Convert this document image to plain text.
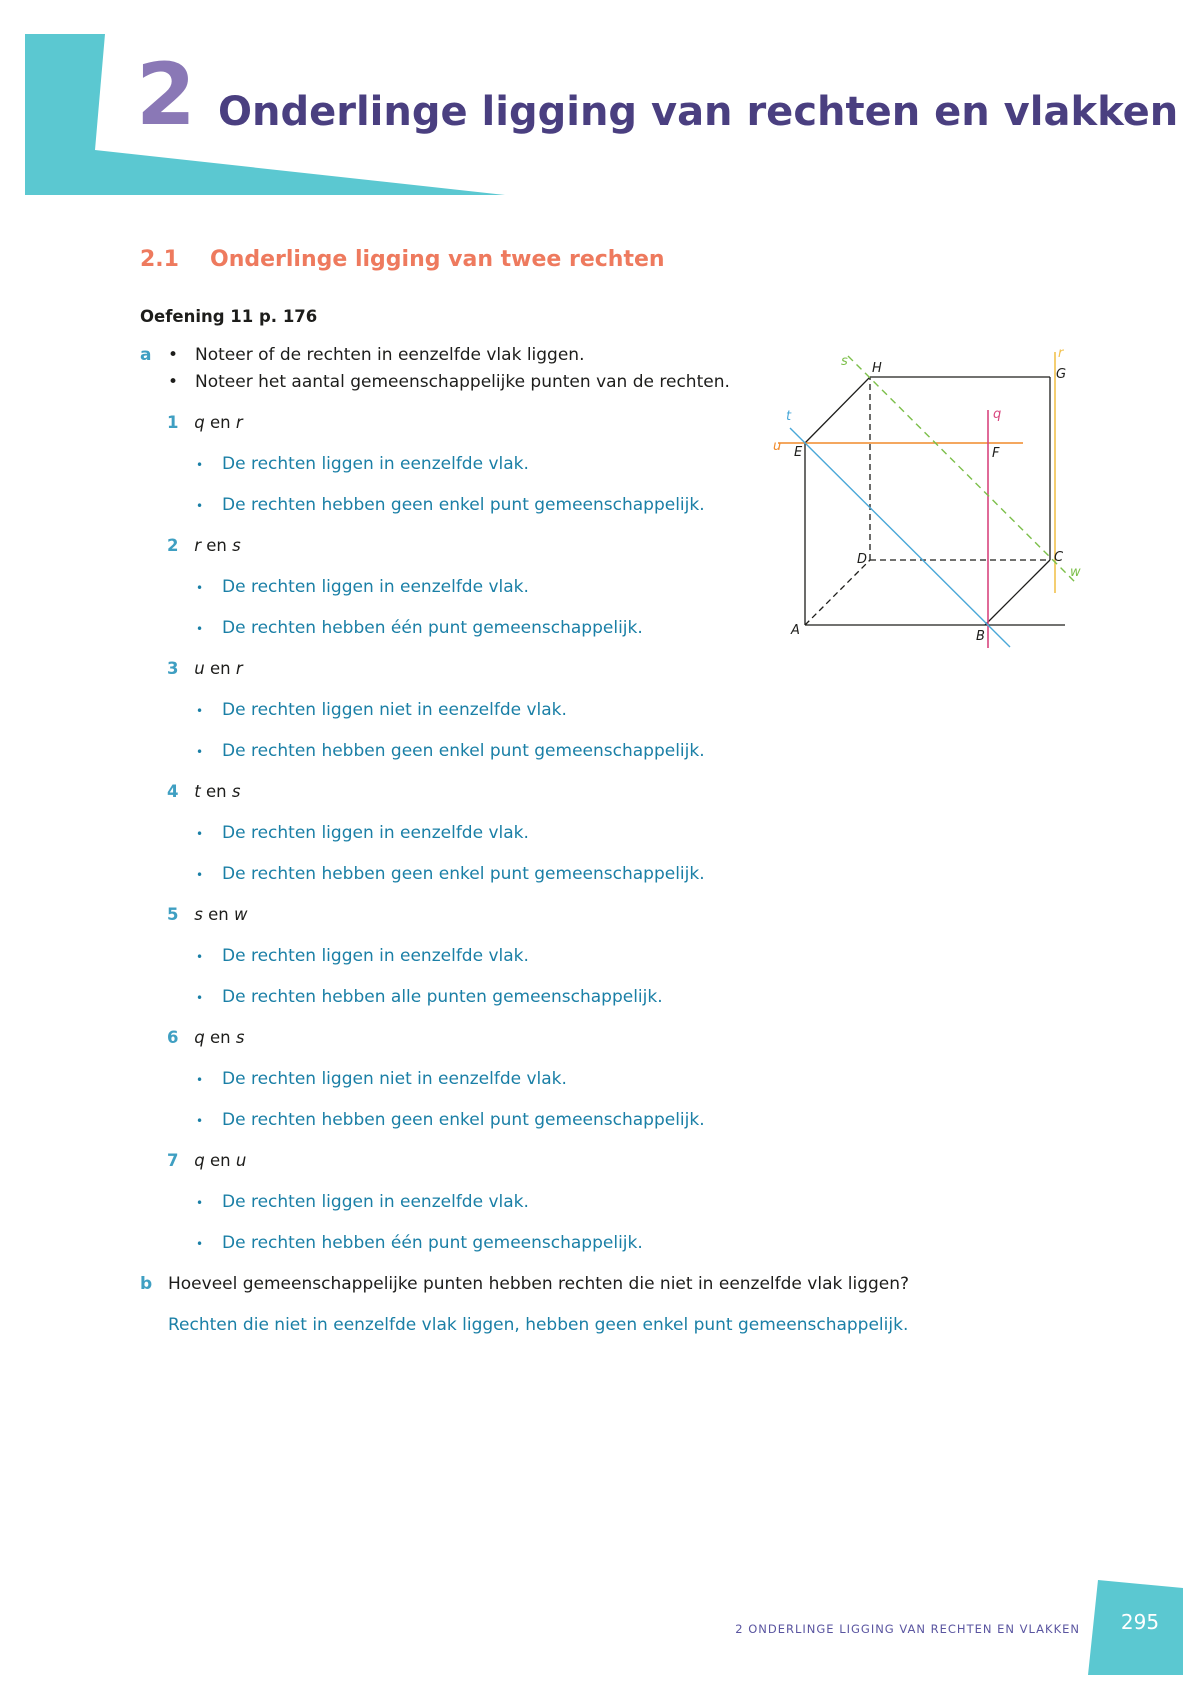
2 Onderlinge ligging van rechten en vlakken
2.1 Onderlinge ligging van twee rechten
Oefening 11 p. 176
a • Noteer of de rechten in eenzelfde vlak liggen.
• Noteer het aantal gemeenschappelijke punten van de rechten.
1 q en r
• De rechten liggen in eenzelfde vlak.
• De rechten hebben geen enkel punt gemeenschappelijk.
2 r en s
• De rechten liggen in eenzelfde vlak.
• De rechten hebben één punt gemeenschappelijk.
3 u en r
• De rechten liggen niet in eenzelfde vlak.
• De rechten hebben geen enkel punt gemeenschappelijk.
4 t en s
• De rechten liggen in eenzelfde vlak.
• De rechten hebben geen enkel punt gemeenschappelijk.
5 s en w
• De rechten liggen in eenzelfde vlak.
• De rechten hebben alle punten gemeenschappelijk.
6 q en s
• De rechten liggen niet in eenzelfde vlak.
• De rechten hebben geen enkel punt gemeenschappelijk.
7 q en u
• De rechten liggen in eenzelfde vlak.
• De rechten hebben één punt gemeenschappelijk.
b Hoeveel gemeenschappelijke punten hebben rechten die niet in eenzelfde vlak liggen?
Rechten die niet in eenzelfde vlak liggen, hebben geen enkel punt gemeenschappelijk.
A	B
C
D
E	F
G
H
u
t
s
q
r
w
2 ONDERLINGE LIGGING VAN RECHTEN EN VLAKKEN	295
